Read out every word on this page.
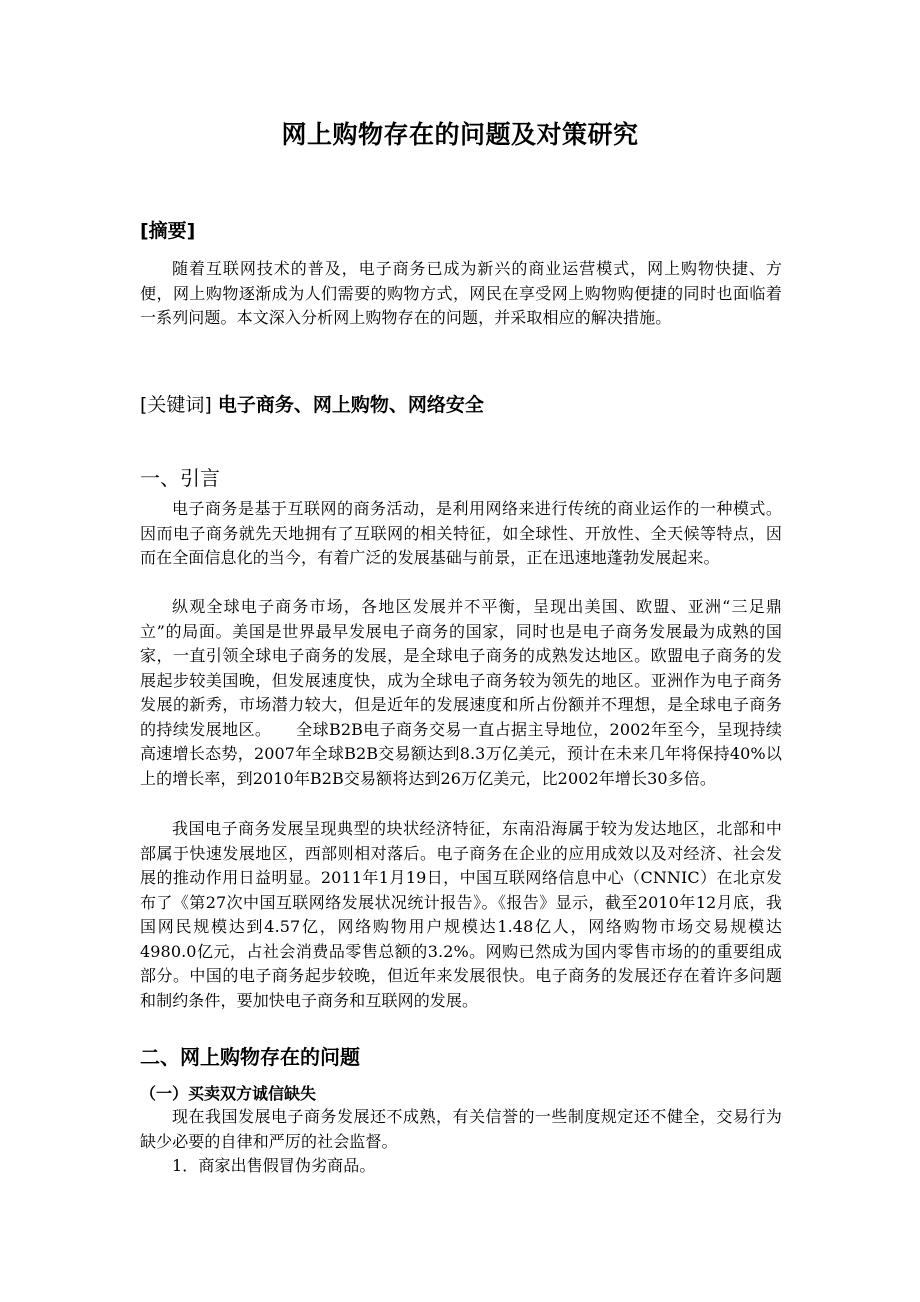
网上购物存在的问题及对策研究
[摘要]

随着互联网技术的普及，电子商务已成为新兴的商业运营模式，网上购物快捷、方便，网上购物逐渐成为人们需要的购物方式，网民在享受网上购物购便捷的同时也面临着一系列问题。本文深入分析网上购物存在的问题，并采取相应的解决措施。

[关键词] 电子商务、网上购物、网络安全
一、引言

电子商务是基于互联网的商务活动，是利用网络来进行传统的商业运作的一种模式。因而电子商务就先天地拥有了互联网的相关特征，如全球性、开放性、全天候等特点，因而在全面信息化的当今，有着广泛的发展基础与前景，正在迅速地蓬勃发展起来。

纵观全球电子商务市场，各地区发展并不平衡，呈现出美国、欧盟、亚洲“三足鼎立”的局面。美国是世界最早发展电子商务的国家，同时也是电子商务发展最为成熟的国家，一直引领全球电子商务的发展，是全球电子商务的成熟发达地区。欧盟电子商务的发展起步较美国晚，但发展速度快，成为全球电子商务较为领先的地区。亚洲作为电子商务发展的新秀，市场潜力较大，但是近年的发展速度和所占份额并不理想，是全球电子商务的持续发展地区。　　全球B2B电子商务交易一直占据主导地位，2002年至今，呈现持续高速增长态势，2007年全球B2B交易额达到8.3万亿美元，预计在未来几年将保持40%以上的增长率，到2010年B2B交易额将达到26万亿美元，比2002年增长30多倍。

我国电子商务发展呈现典型的块状经济特征，东南沿海属于较为发达地区，北部和中部属于快速发展地区，西部则相对落后。电子商务在企业的应用成效以及对经济、社会发展的推动作用日益明显。2011年1月19日，中国互联网络信息中心（CNNIC）在北京发布了《第27次中国互联网络发展状况统计报告》。《报告》显示，截至2010年12月底，我国网民规模达到4.57亿，网络购物用户规模达1.48亿人，网络购物市场交易规模达4980.0亿元，占社会消费品零售总额的3.2%。网购已然成为国内零售市场的的重要组成部分。中国的电子商务起步较晚，但近年来发展很快。电子商务的发展还存在着许多问题和制约条件，要加快电子商务和互联网的发展。

二、网上购物存在的问题
（一）买卖双方诚信缺失

现在我国发展电子商务发展还不成熟，有关信誉的一些制度规定还不健全，交易行为缺少必要的自律和严厉的社会监督。

1．商家出售假冒伪劣商品。
